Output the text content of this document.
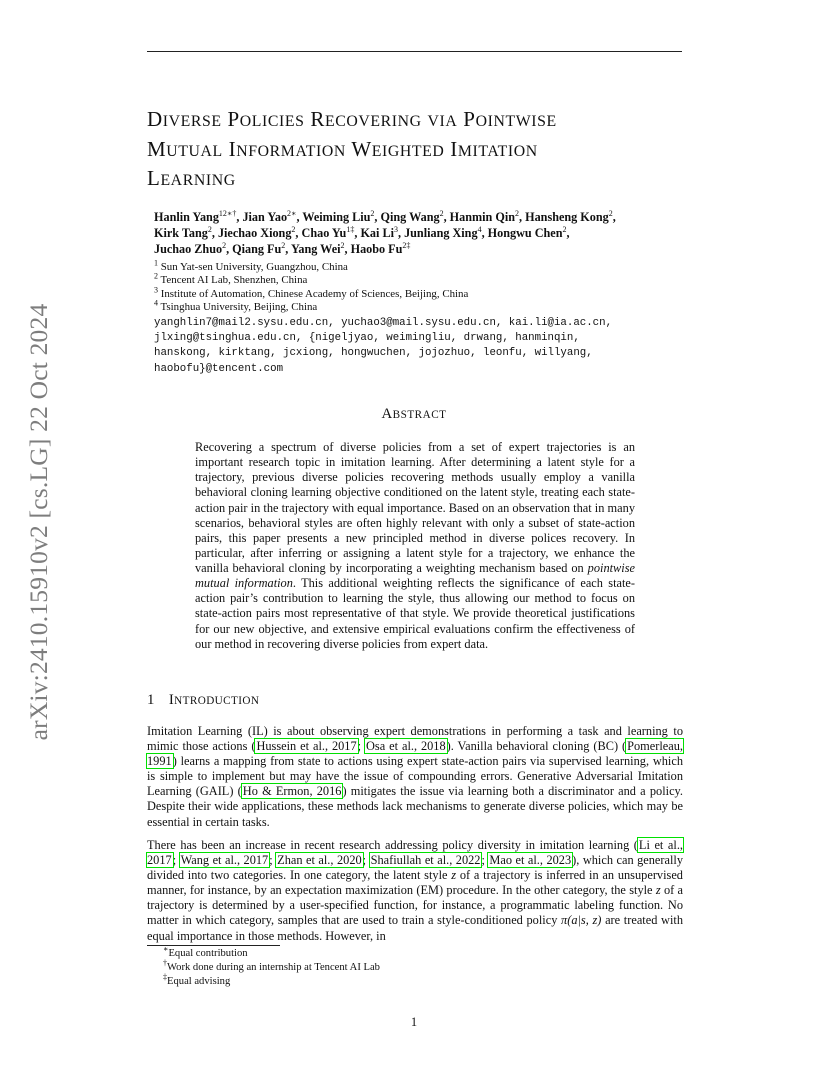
arXiv:2410.15910v2 [cs.LG] 22 Oct 2024
DIVERSE POLICIES RECOVERING VIA POINTWISE
MUTUAL INFORMATION WEIGHTED IMITATION
LEARNING
Hanlin Yang$^{12∗\dagger}$, Jian Yao$^{2∗}$, Weiming Liu$^2$, Qing Wang$^2$, Hanmin Qin$^2$, Hansheng Kong$^2$,
Kirk Tang$^2$, Jiechao Xiong$^2$, Chao $Yu^{1\ddagger}$, Kai Li$^3$, Junliang Xing$^4$, Hongwu Chen$^2$,
Juchao Zhuo$^2$, Qiang Fu$^2$, Yang Wei$^2$, Haobo $Fu^{2\ddagger}$
$^1$ Sun Yat-sen University, Guangzhou, China
$^2$ Tencent AI Lab, Shenzhen, China
$^3$ Institute of Automation, Chinese Academy of Sciences, Beijing, China
$^4$ Tsinghua University, Beijing, China
yanghlin7@mail2.sysu.edu.cn, yuchao3@mail.sysu.edu.cn, kai.li@ia.ac.cn,
jlxing@tsinghua.edu.cn, {nigeljyao, weimingliu, drwang, hanminqin,
hanskong, kirktang, jcxiong, hongwuchen, jojozhuo, leonfu, willyang,
haobofu}@tencent.com
ABSTRACT
Recovering a spectrum of diverse policies from a set of expert trajectories is an important research topic in imitation learning. After determining a latent style for a trajectory, previous diverse policies recovering methods usually employ a vanilla behavioral cloning learning objective conditioned on the latent style, treating each state-action pair in the trajectory with equal importance. Based on an observation that in many scenarios, behavioral styles are often highly relevant with only a subset of state-action pairs, this paper presents a new principled method in diverse polices recovery. In particular, after inferring or assigning a latent style for a trajectory, we enhance the vanilla behavioral cloning by incorporating a weighting mechanism based on pointwise mutual information. This additional weighting reflects the significance of each state-action pair’s contribution to learning the style, thus allowing our method to focus on state-action pairs most representative of that style. We provide theoretical justifications for our new objective, and extensive empirical evaluations confirm the effectiveness of our method in recovering diverse policies from expert data.
1 INTRODUCTION
Imitation Learning (IL) is about observing expert demonstrations in performing a task and learning to mimic those actions (Hussein et al., 2017; Osa et al., 2018). Vanilla behavioral cloning (BC) (Pomerleau, 1991) learns a mapping from state to actions using expert state-action pairs via supervised learning, which is simple to implement but may have the issue of compounding errors. Generative Adversarial Imitation Learning (GAIL) (Ho & Ermon, 2016) mitigates the issue via learning both a discriminator and a policy. Despite their wide applications, these methods lack mechanisms to generate diverse policies, which may be essential in certain tasks.
There has been an increase in recent research addressing policy diversity in imitation learning (Li et al., 2017; Wang et al., 2017; Zhan et al., 2020; Shafiullah et al., 2022; Mao et al., 2023), which can generally divided into two categories. In one category, the latent style z of a trajectory is inferred in an unsupervised manner, for instance, by an expectation maximization (EM) procedure. In the other category, the style z of a trajectory is determined by a user-specified function, for instance, a programmatic labeling function. No matter in which category, samples that are used to train a style-conditioned policy π(a|s, z) are treated with equal importance in those methods. However, in
∗Equal contribution
†Work done during an internship at Tencent AI Lab
‡Equal advising
1
